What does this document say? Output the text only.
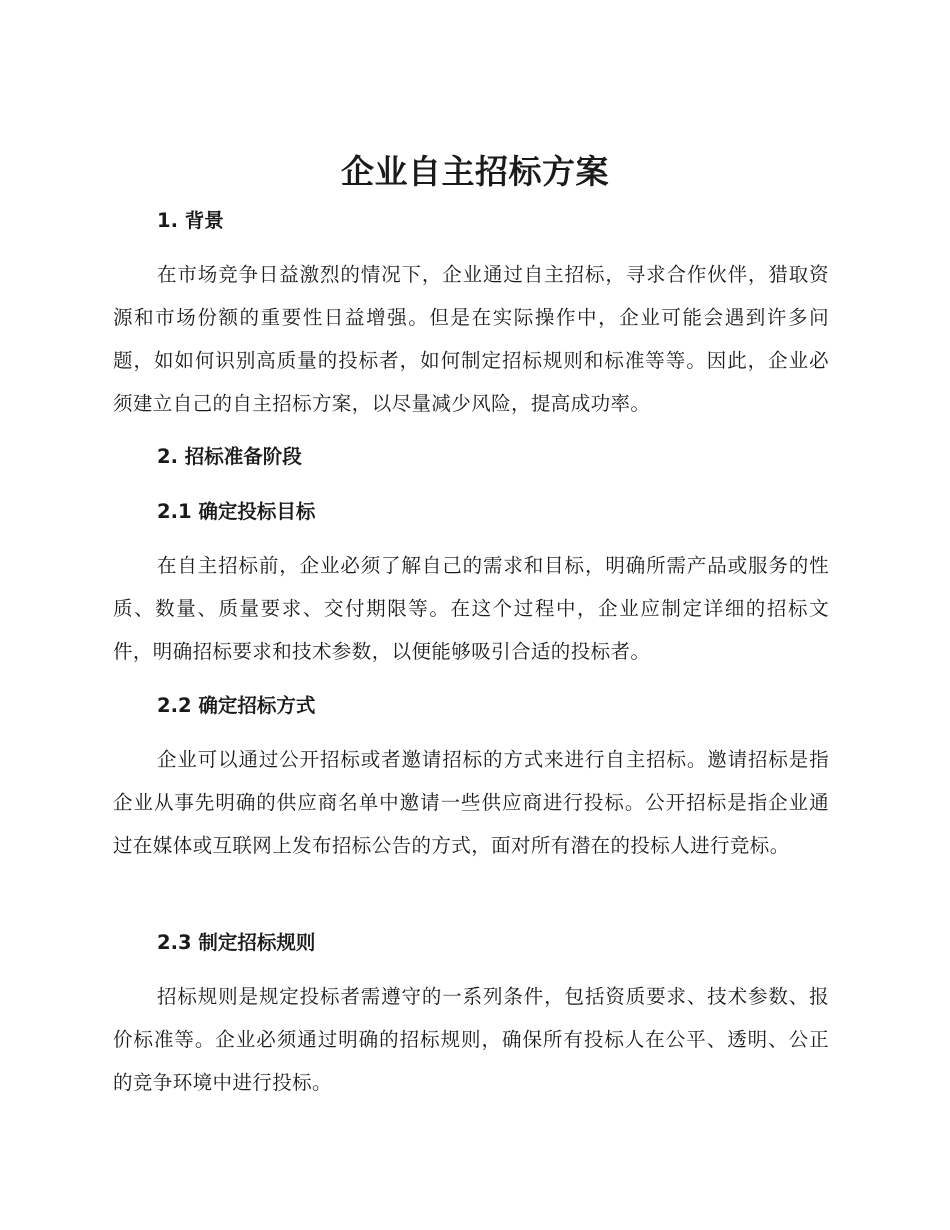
企业自主招标方案
1. 背景

在市场竞争日益激烈的情况下，企业通过自主招标，寻求合作伙伴，猎取资源和市场份额的重要性日益增强。但是在实际操作中，企业可能会遇到许多问题，如如何识别高质量的投标者，如何制定招标规则和标准等等。因此，企业必须建立自己的自主招标方案，以尽量减少风险，提高成功率。

2. 招标准备阶段
2.1 确定投标目标

在自主招标前，企业必须了解自己的需求和目标，明确所需产品或服务的性质、数量、质量要求、交付期限等。在这个过程中，企业应制定详细的招标文件，明确招标要求和技术参数，以便能够吸引合适的投标者。

2.2 确定招标方式

企业可以通过公开招标或者邀请招标的方式来进行自主招标。邀请招标是指企业从事先明确的供应商名单中邀请一些供应商进行投标。公开招标是指企业通过在媒体或互联网上发布招标公告的方式，面对所有潜在的投标人进行竞标。

2.3 制定招标规则

招标规则是规定投标者需遵守的一系列条件，包括资质要求、技术参数、报价标准等。企业必须通过明确的招标规则，确保所有投标人在公平、透明、公正的竞争环境中进行投标。
